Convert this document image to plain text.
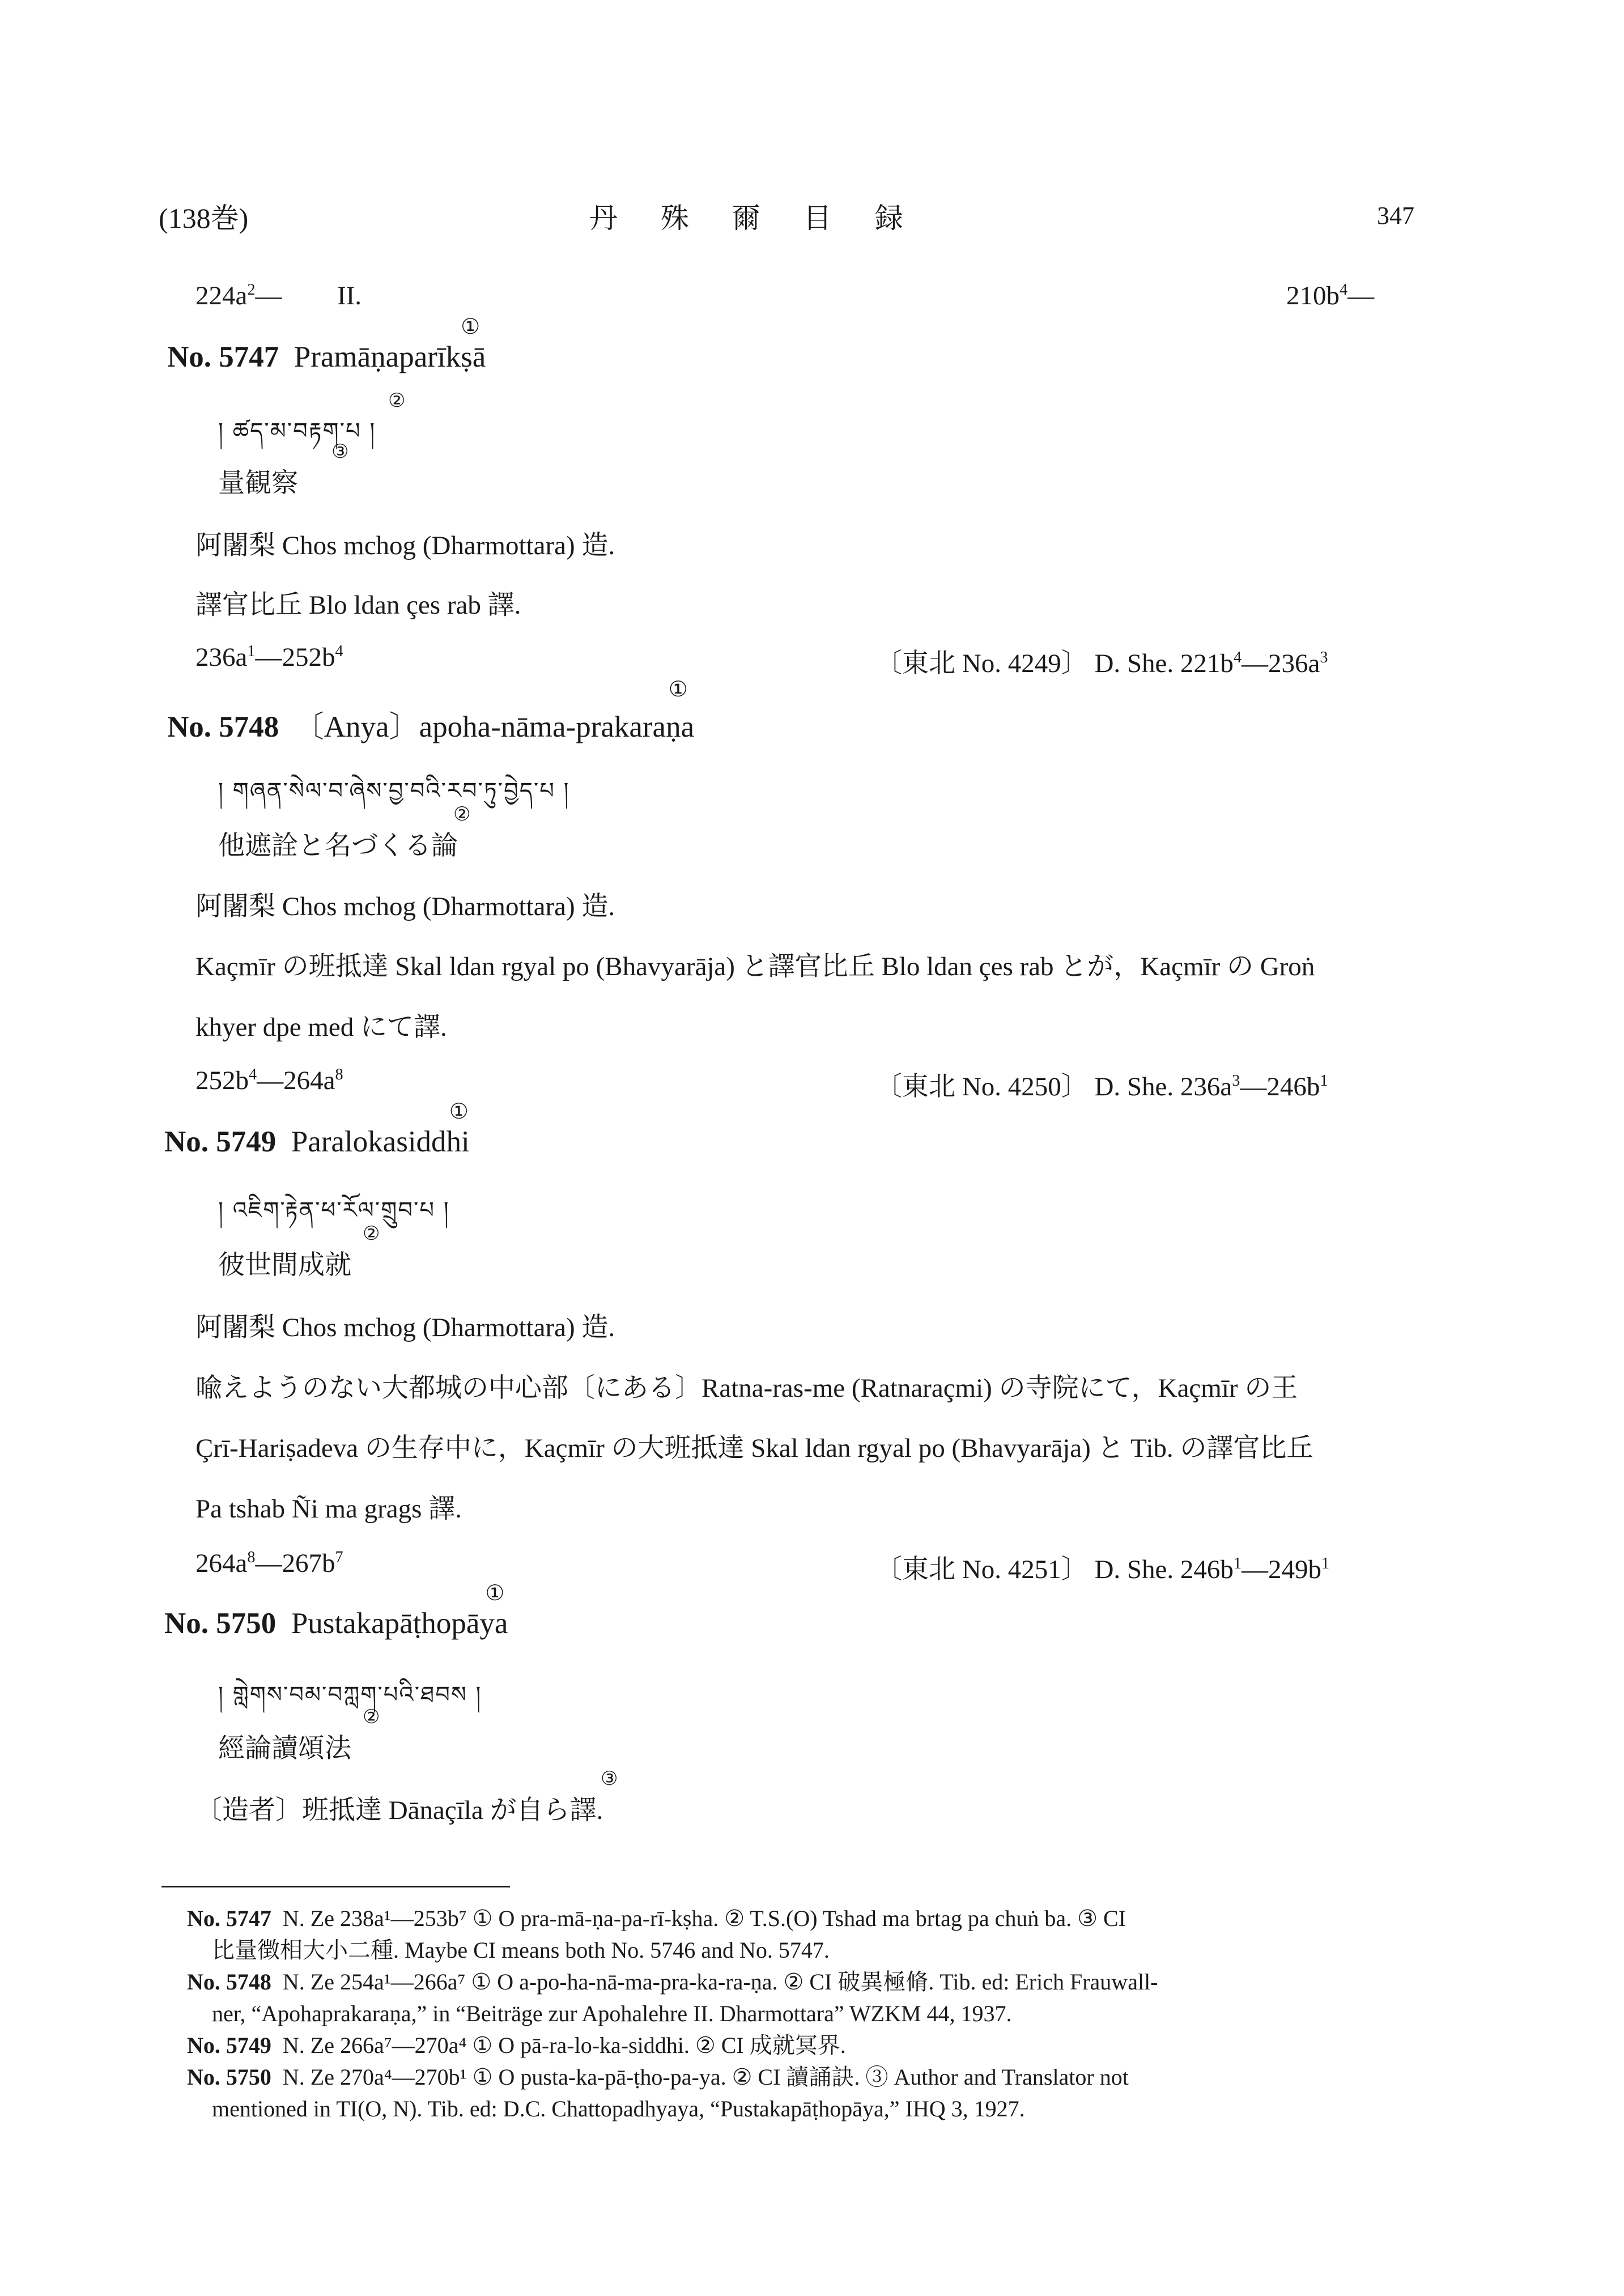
(138巻)	丹 殊 爾 目 録	347
$224a^2—$ II.	$210b^4—$
No. 5747 Pramāṇaparīkṣā
①
། ཚད་མ་བརྟག་པ །
②
量観察
③
阿闍梨 Chos mchog (Dharmottara) 造.
譯官比丘 Blo ldan çes rab 譯.
$236a^1—252b^4$	〔東北 No. 4249〕 D. She. $221b^4—236a^3$
No. 5748 〔Anya〕apoha-nāma-prakaraṇa
①
། གཞན་སེལ་བ་ཞེས་བྱ་བའི་རབ་ཏུ་བྱེད་པ །
他遮詮と名づくる論
②
阿闍梨 Chos mchog (Dharmottara) 造.
Kaçmīr の班抵達 Skal ldan rgyal po (Bhavyarāja) と譯官比丘 Blo ldan çes rab とが，Kaçmīr の Groṅ
khyer dpe med にて譯.
$252b^4—264a^8$	〔東北 No. 4250〕 D. She. $236a^3—246b^1$
No. 5749 Paralokasiddhi
①
། འཇིག་རྟེན་ཕ་རོལ་གྲུབ་པ །
彼世間成就
②
阿闍梨 Chos mchog (Dharmottara) 造.
喩えようのない大都城の中心部〔にある〕Ratna-ras-me (Ratnaraçmi) の寺院にて，Kaçmīr の王
Çrī-Hariṣadeva の生存中に，Kaçmīr の大班抵達 Skal ldan rgyal po (Bhavyarāja) と Tib. の譯官比丘
Pa tshab Ñi ma grags 譯.
$264a^8—267b^7$	〔東北 No. 4251〕 D. She. $246b^1—249b^1$
No. 5750 Pustakapāṭhopāya
①
། གླེགས་བམ་བཀླག་པའི་ཐབས །
經論讀頌法
②
〔造者〕班抵達 Dānaçīla が自ら譯.
③
No. 5747 N. Ze 238a¹—253b⁷ ① O pra-mā-ṇa-pa-rī-kṣha. ② T.S.(O) Tshad ma brtag pa chuṅ ba. ③ CI
比量徴相大小二種. Maybe CI means both No. 5746 and No. 5747.
No. 5748 N. Ze 254a¹—266a⁷ ① O a-po-ha-nā-ma-pra-ka-ra-ṇa. ② CI 破異極脩. Tib. ed: Erich Frauwall-
ner, “Apohaprakaraṇa,” in “Beiträge zur Apohalehre II. Dharmottara” WZKM 44, 1937.
No. 5749 N. Ze 266a⁷—270a⁴ ① O pā-ra-lo-ka-siddhi. ② CI 成就冥界.
No. 5750 N. Ze 270a⁴—270b¹ ① O pusta-ka-pā-ṭho-pa-ya. ② CI 讀誦訣. ③ Author and Translator not
mentioned in TI(O, N). Tib. ed: D.C. Chattopadhyaya, “Pustakapāṭhopāya,” IHQ 3, 1927.
